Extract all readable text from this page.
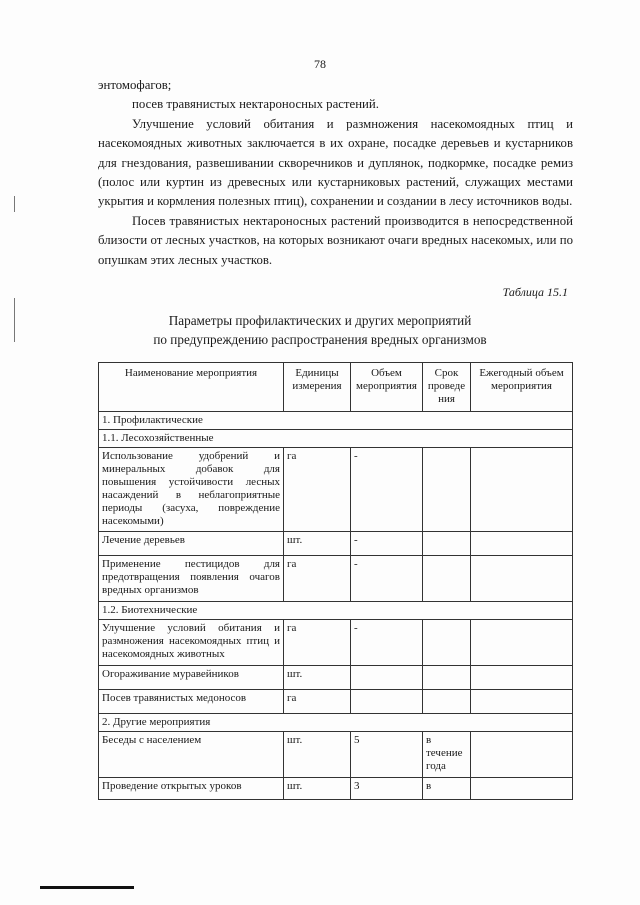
78

энтомофагов;

посев травянистых нектароносных растений.

Улучшение условий обитания и размножения насекомоядных птиц и насекомоядных животных заключается в их охране, посадке деревьев и кустарников для гнездования, развешивании скворечников и дуплянок, подкормке, посадке ремиз (полос или куртин из древесных или кустарниковых растений, служащих местами укрытия и кормления полезных птиц), сохранении и создании в лесу источников воды.

Посев травянистых нектароносных растений производится в непосредственной близости от лесных участков, на которых возникают очаги вредных насекомых, или по опушкам этих лесных участков.

Таблица 15.1
Параметры профилактических и других мероприятий
по предупреждению распространения вредных организмов
Наименование мероприятия	Единицы измерения	Объем мероприятия	Срок проведе ния	Ежегодный объем мероприятия
1. Профилактические				
1.1. Лесохозяйственные				
Использование удобрений и минеральных добавок для повышения устойчивости лесных насаждений в неблагоприятные периоды (засуха, повреждение насекомыми)	га	-		
Лечение деревьев	шт.	-		
Применение пестицидов для предотвращения появления очагов вредных организмов	га	-		
1.2. Биотехнические				
Улучшение условий обитания и размножения насекомоядных птиц и насекомоядных животных	га	-		
Огораживание муравейников	шт.			
Посев травянистых медоносов	га			
2. Другие мероприятия				
Беседы с населением	шт.	5	в течение года	
Проведение открытых уроков	шт.	3	в	
